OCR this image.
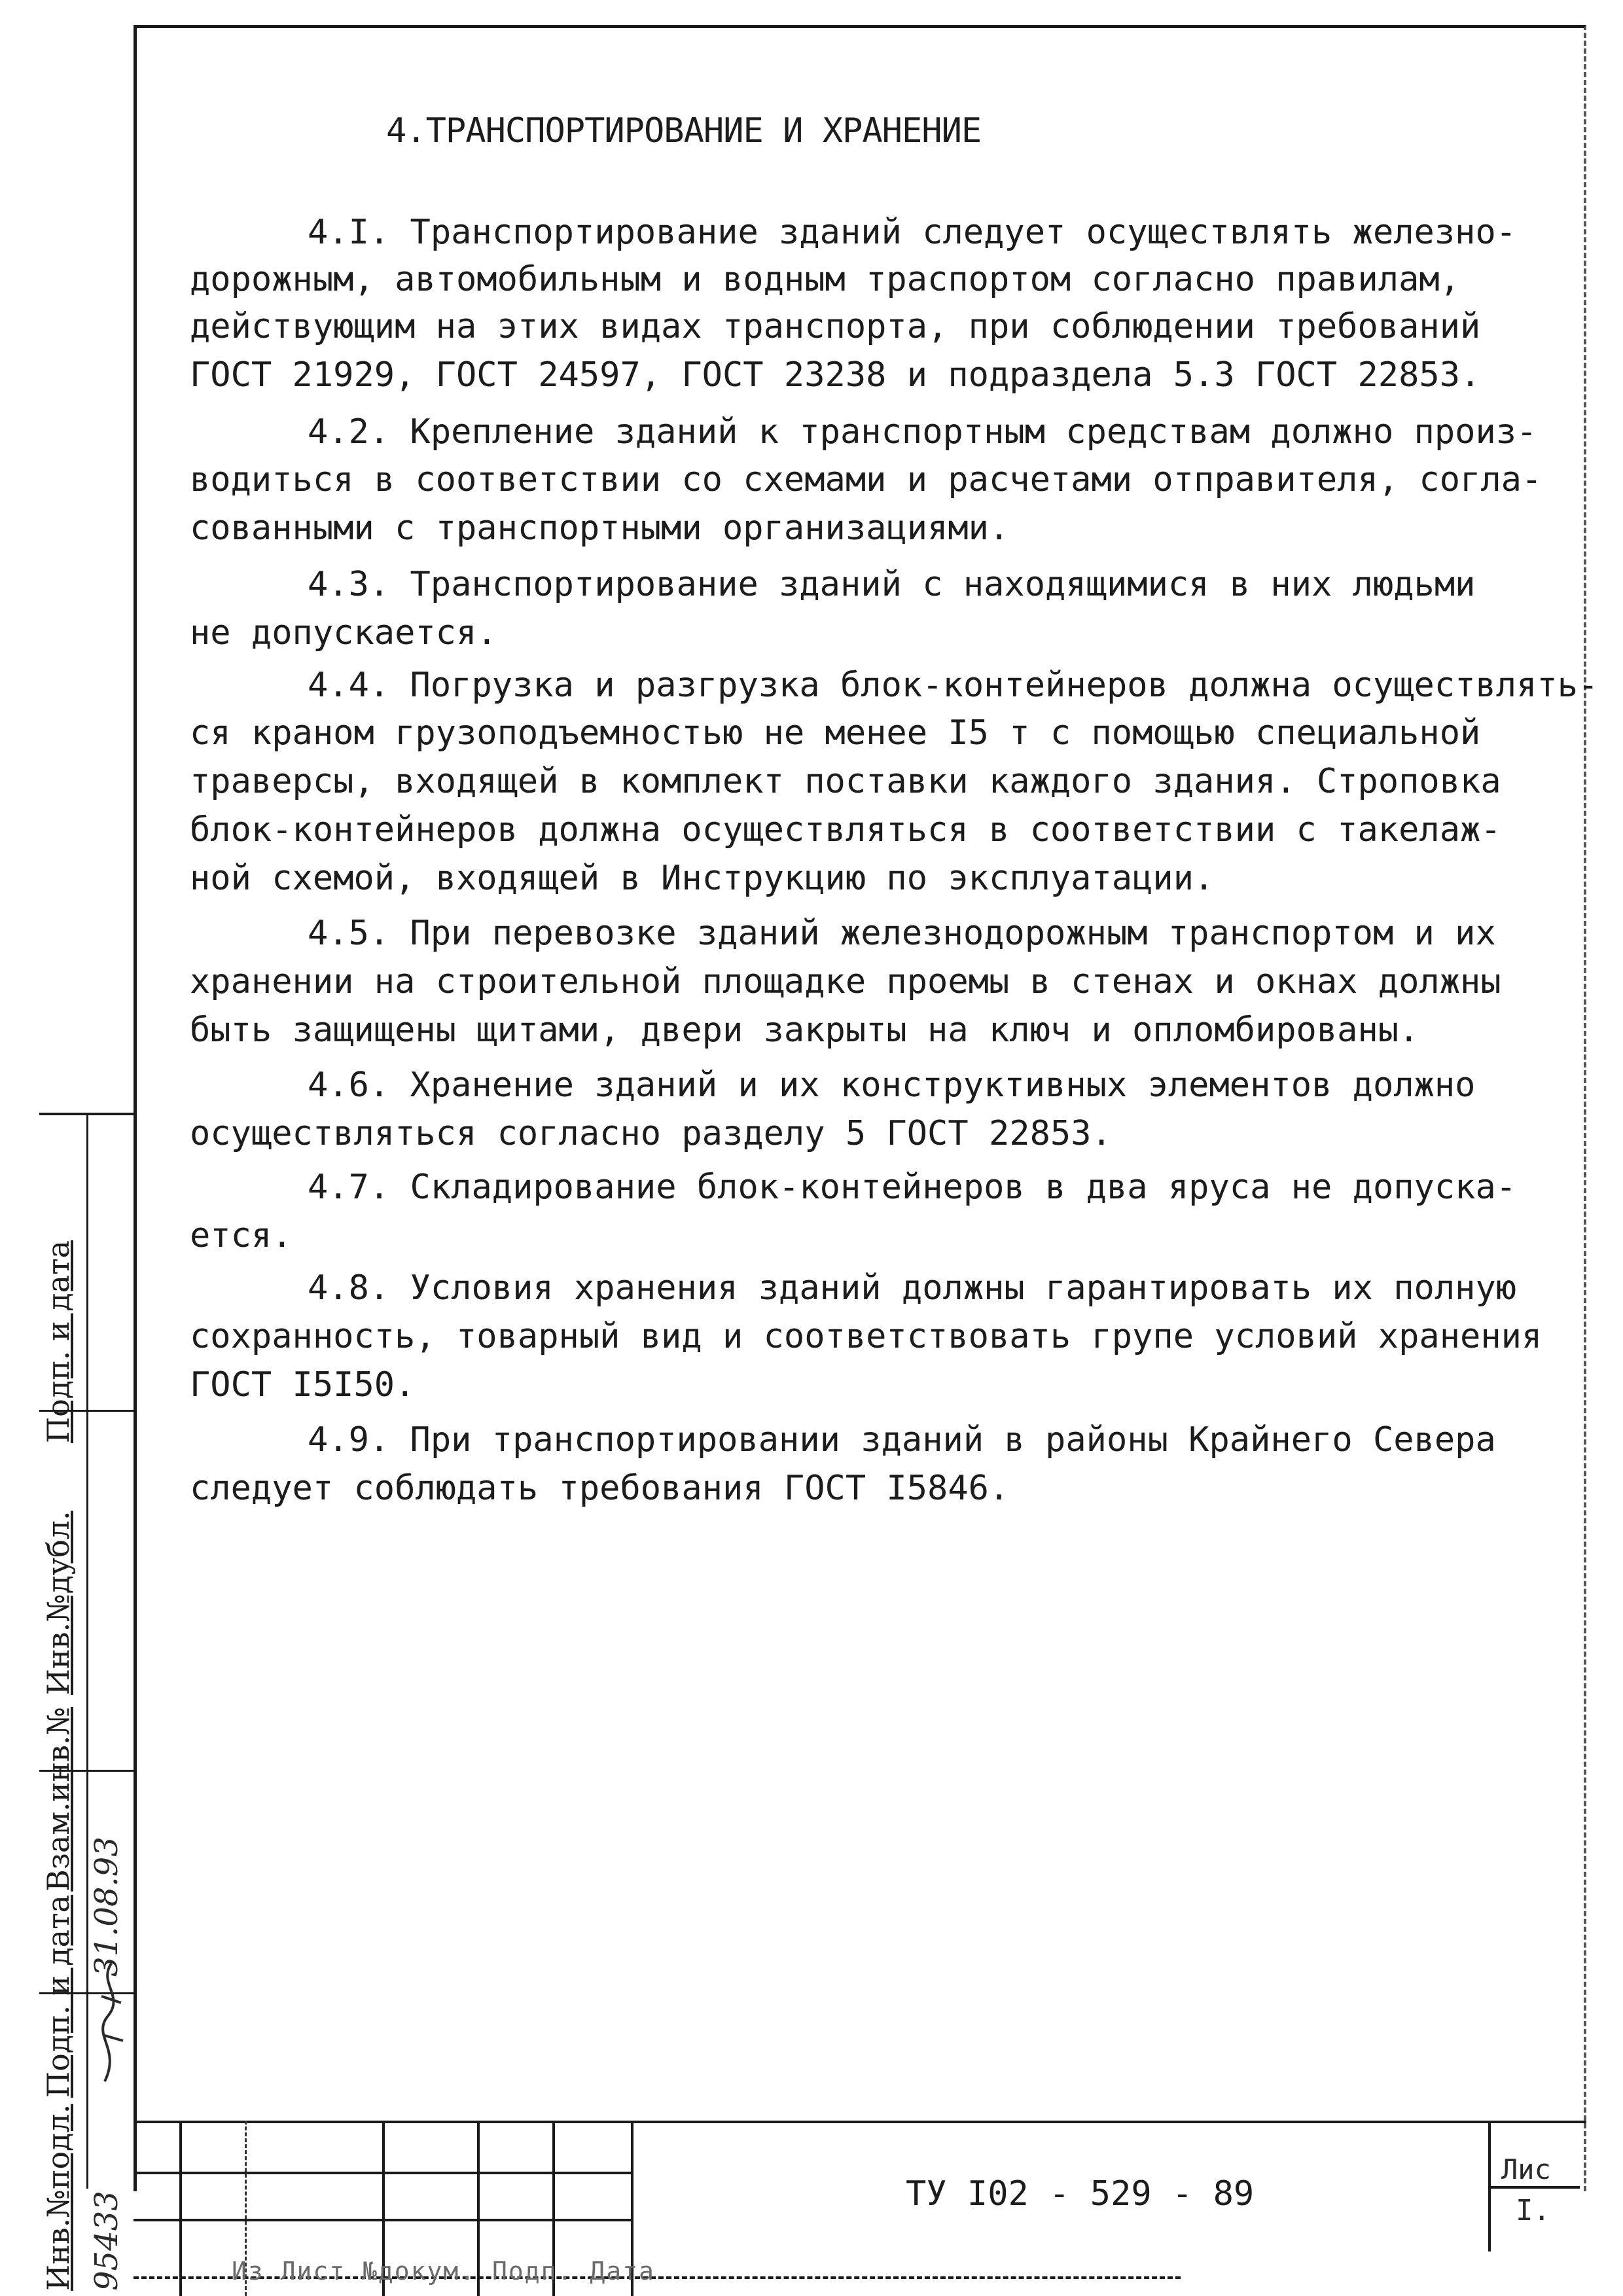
4.ТРАНСПОРТИРОВАНИЕ И ХРАНЕНИЕ
4.I. Транспортирование зданий следует осуществлять железно-
дорожным, автомобильным и водным траспортом согласно правилам,
действующим на этих видах транспорта, при соблюдении требований
ГОСТ 21929, ГОСТ 24597, ГОСТ 23238 и подраздела 5.3 ГОСТ 22853.
4.2. Крепление зданий к транспортным средствам должно произ-
водиться в соответствии со схемами и расчетами отправителя, согла-
сованными с транспортными организациями.
4.3. Транспортирование зданий с находящимися в них людьми
не допускается.
4.4. Погрузка и разгрузка блок-контейнеров должна осуществлять-
ся краном грузоподъемностью не менее I5 т с помощью специальной
траверсы, входящей в комплект поставки каждого здания. Строповка
блок-контейнеров должна осуществляться в соответствии с такелаж-
ной схемой, входящей в Инструкцию по эксплуатации.
4.5. При перевозке зданий железнодорожным транспортом и их
хранении на строительной площадке проемы в стенах и окнах должны
быть защищены щитами, двери закрыты на ключ и опломбированы.
4.6. Хранение зданий и их конструктивных элементов должно
осуществляться согласно разделу 5 ГОСТ 22853.
4.7. Складирование блок-контейнеров в два яруса не допуска-
ется.
4.8. Условия хранения зданий должны гарантировать их полную
сохранность, товарный вид и соответствовать групе условий хранения
ГОСТ I5I50.
4.9. При транспортировании зданий в районы Крайнего Севера
следует соблюдать требования ГОСТ I5846.
Инв.№подл.
Подп. и дата
Взам.инв.№
Инв.№дубл.
Подп. и дата
95433
31.08.93
ТУ I02 - 529 - 89
Лис
I.
Из Лист №докум. Подп. Дата
